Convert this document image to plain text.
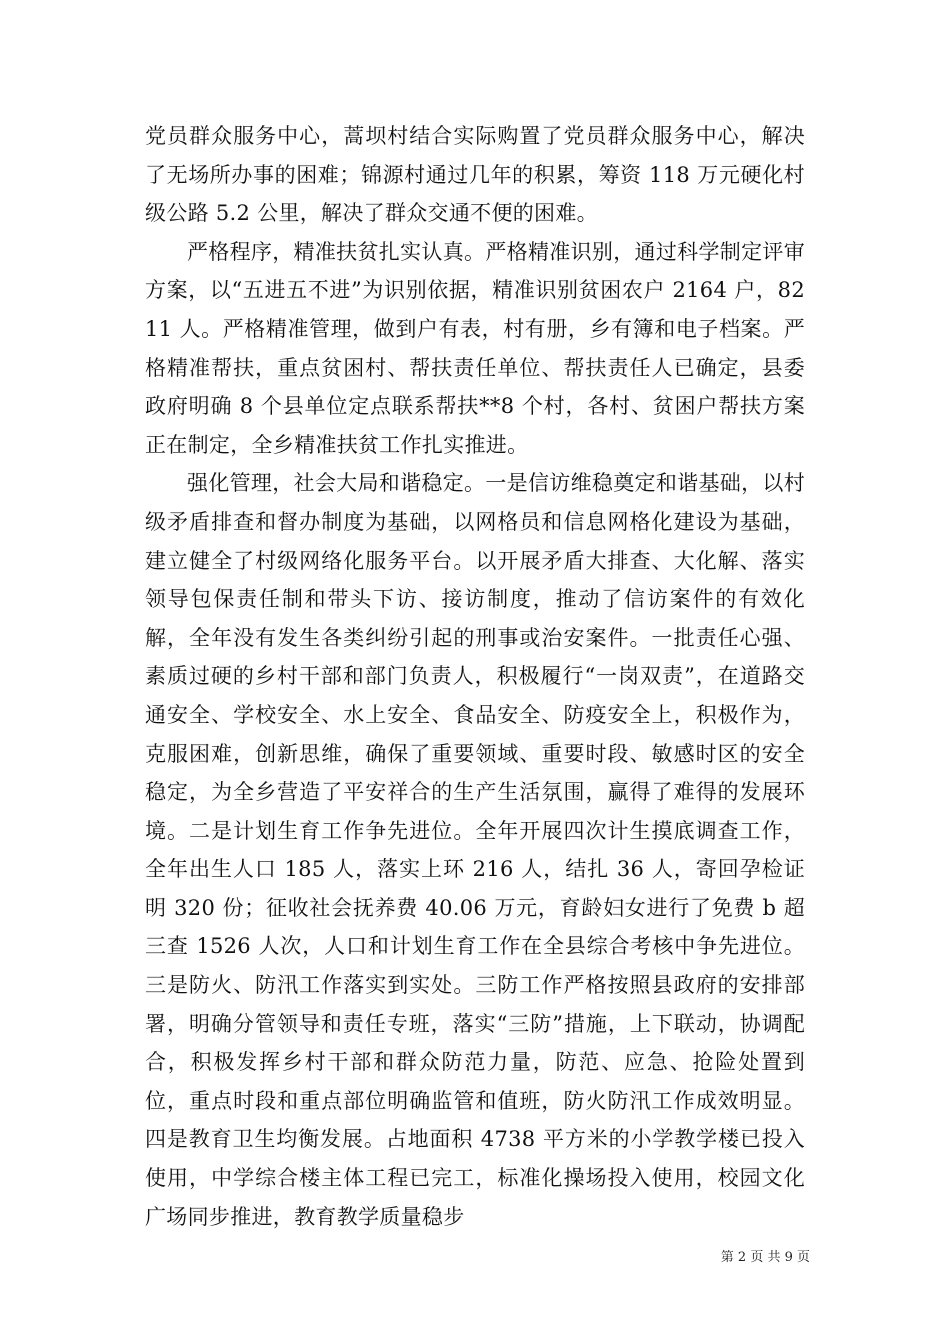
党员群众服务中心，蒿坝村结合实际购置了党员群众服务中心，解决了无场所办事的困难；锦源村通过几年的积累，筹资 118 万元硬化村级公路 5.2 公里，解决了群众交通不便的困难。

严格程序，精准扶贫扎实认真。严格精准识别，通过科学制定评审方案，以“五进五不进”为识别依据，精准识别贫困农户 2164 户，8211 人。严格精准管理，做到户有表，村有册，乡有簿和电子档案。严格精准帮扶，重点贫困村、帮扶责任单位、帮扶责任人已确定，县委政府明确 8 个县单位定点联系帮扶**8 个村，各村、贫困户帮扶方案正在制定，全乡精准扶贫工作扎实推进。

强化管理，社会大局和谐稳定。一是信访维稳奠定和谐基础，以村级矛盾排查和督办制度为基础，以网格员和信息网格化建设为基础，建立健全了村级网络化服务平台。以开展矛盾大排查、大化解、落实领导包保责任制和带头下访、接访制度，推动了信访案件的有效化解，全年没有发生各类纠纷引起的刑事或治安案件。一批责任心强、素质过硬的乡村干部和部门负责人，积极履行“一岗双责”，在道路交通安全、学校安全、水上安全、食品安全、防疫安全上，积极作为，克服困难，创新思维，确保了重要领域、重要时段、敏感时区的安全稳定，为全乡营造了平安祥合的生产生活氛围，赢得了难得的发展环境。二是计划生育工作争先进位。全年开展四次计生摸底调查工作，全年出生人口 185 人，落实上环 216 人，结扎 36 人，寄回孕检证明 320 份；征收社会抚养费 40.06 万元，育龄妇女进行了免费 b 超三查 1526 人次，人口和计划生育工作在全县综合考核中争先进位。三是防火、防汛工作落实到实处。三防工作严格按照县政府的安排部署，明确分管领导和责任专班，落实“三防”措施，上下联动，协调配合，积极发挥乡村干部和群众防范力量，防范、应急、抢险处置到位，重点时段和重点部位明确监管和值班，防火防汛工作成效明显。四是教育卫生均衡发展。占地面积 4738 平方米的小学教学楼已投入使用，中学综合楼主体工程已完工，标准化操场投入使用，校园文化广场同步推进，教育教学质量稳步

第 2 页 共 9 页
